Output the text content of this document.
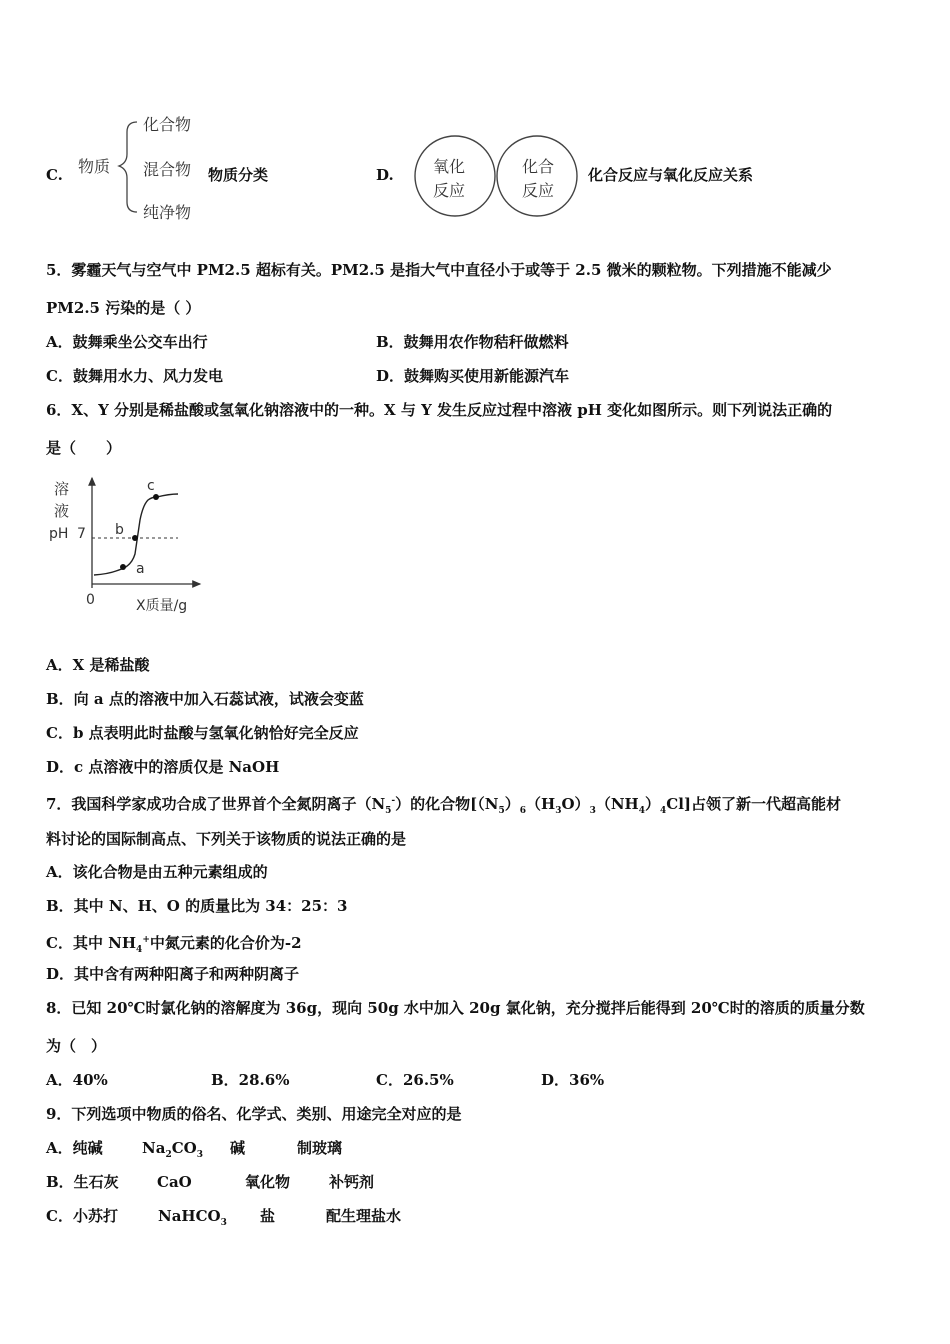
C. 物质
化合物
混合物
纯净物
物质分类	D. 氧化
反应
化合
反应
化合反应与氧化反应关系
5．雾霾天气与空气中 PM2.5 超标有关。PM2.5 是指大气中直径小于或等于 2.5 微米的颗粒物。下列措施不能减少
PM2.5 污染的是（ ）
A．鼓舞乘坐公交车出行	B．鼓舞用农作物秸秆做燃料
C．鼓舞用水力、风力发电	D．鼓舞购买使用新能源汽车
6．X、Y 分别是稀盐酸或氢氧化钠溶液中的一种。X 与 Y 发生反应过程中溶液 pH 变化如图所示。则下列说法正确的
是（　　）
溶
液
pH 7
a
b
c
0	X质量/g
A．X 是稀盐酸
B．向 a 点的溶液中加入石蕊试液，试液会变蓝
C．b 点表明此时盐酸与氢氧化钠恰好完全反应
D．c 点溶液中的溶质仅是 NaOH
7．我国科学家成功合成了世界首个全氮阴离子$(N_5^-)$的化合物$[(N_5)_6(H_3O)_3(NH_4)_4Cl]$占领了新一代超高能材
料讨论的国际制高点、下列关于该物质的说法正确的是
A．该化合物是由五种元素组成的
B．其中 N、H、O 的质量比为 34：25：3
C．其中 $NH_4^+$中氮元素的化合价为-2
D．其中含有两种阳离子和两种阴离子
8．已知 20℃时氯化钠的溶解度为 36g，现向 50g 水中加入 20g 氯化钠，充分搅拌后能得到 20℃时的溶质的质量分数
为（　）
A．40%	B．28.6%	C．26.5%	D．36%
9．下列选项中物质的俗名、化学式、类别、用途完全对应的是
A．纯碱	$Na_2CO_3$ 碱	制玻璃
B．生石灰	CaO	氧化物	补钙剂
C．小苏打	NaHCO$_3$ 盐	配生理盐水
